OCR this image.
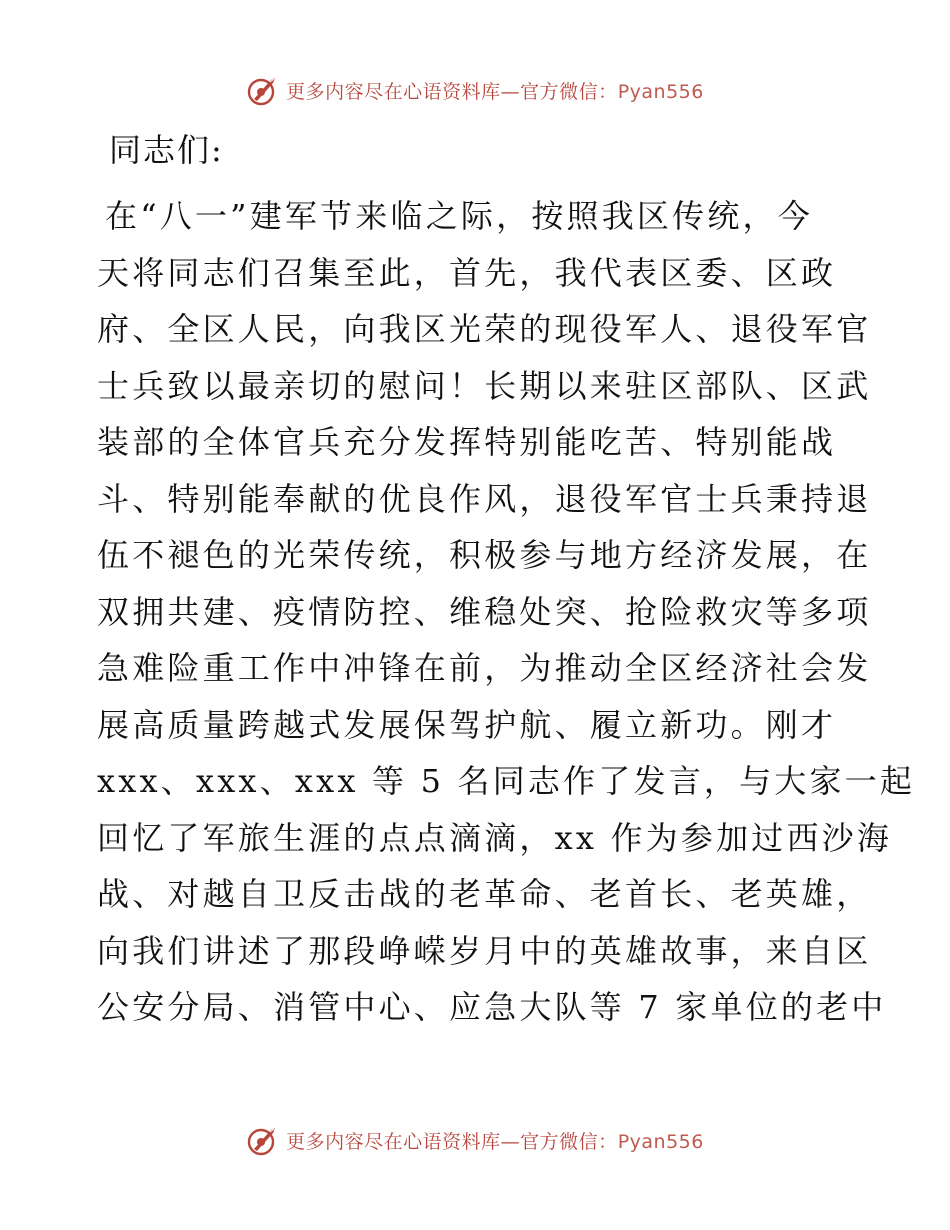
更多内容尽在心语资料库—官方微信：Pyan556
同志们:
在“八一”建军节来临之际，按照我区传统，今
天将同志们召集至此，首先，我代表区委、区政
府、全区人民，向我区光荣的现役军人、退役军官
士兵致以最亲切的慰问！长期以来驻区部队、区武
装部的全体官兵充分发挥特别能吃苦、特别能战
斗、特别能奉献的优良作风，退役军官士兵秉持退
伍不褪色的光荣传统，积极参与地方经济发展，在
双拥共建、疫情防控、维稳处突、抢险救灾等多项
急难险重工作中冲锋在前，为推动全区经济社会发
展高质量跨越式发展保驾护航、履立新功。刚才
xxx、xxx、xxx 等 5 名同志作了发言，与大家一起
回忆了军旅生涯的点点滴滴，xx 作为参加过西沙海
战、对越自卫反击战的老革命、老首长、老英雄，
向我们讲述了那段峥嵘岁月中的英雄故事，来自区
公安分局、消管中心、应急大队等 7 家单位的老中
更多内容尽在心语资料库—官方微信：Pyan556
